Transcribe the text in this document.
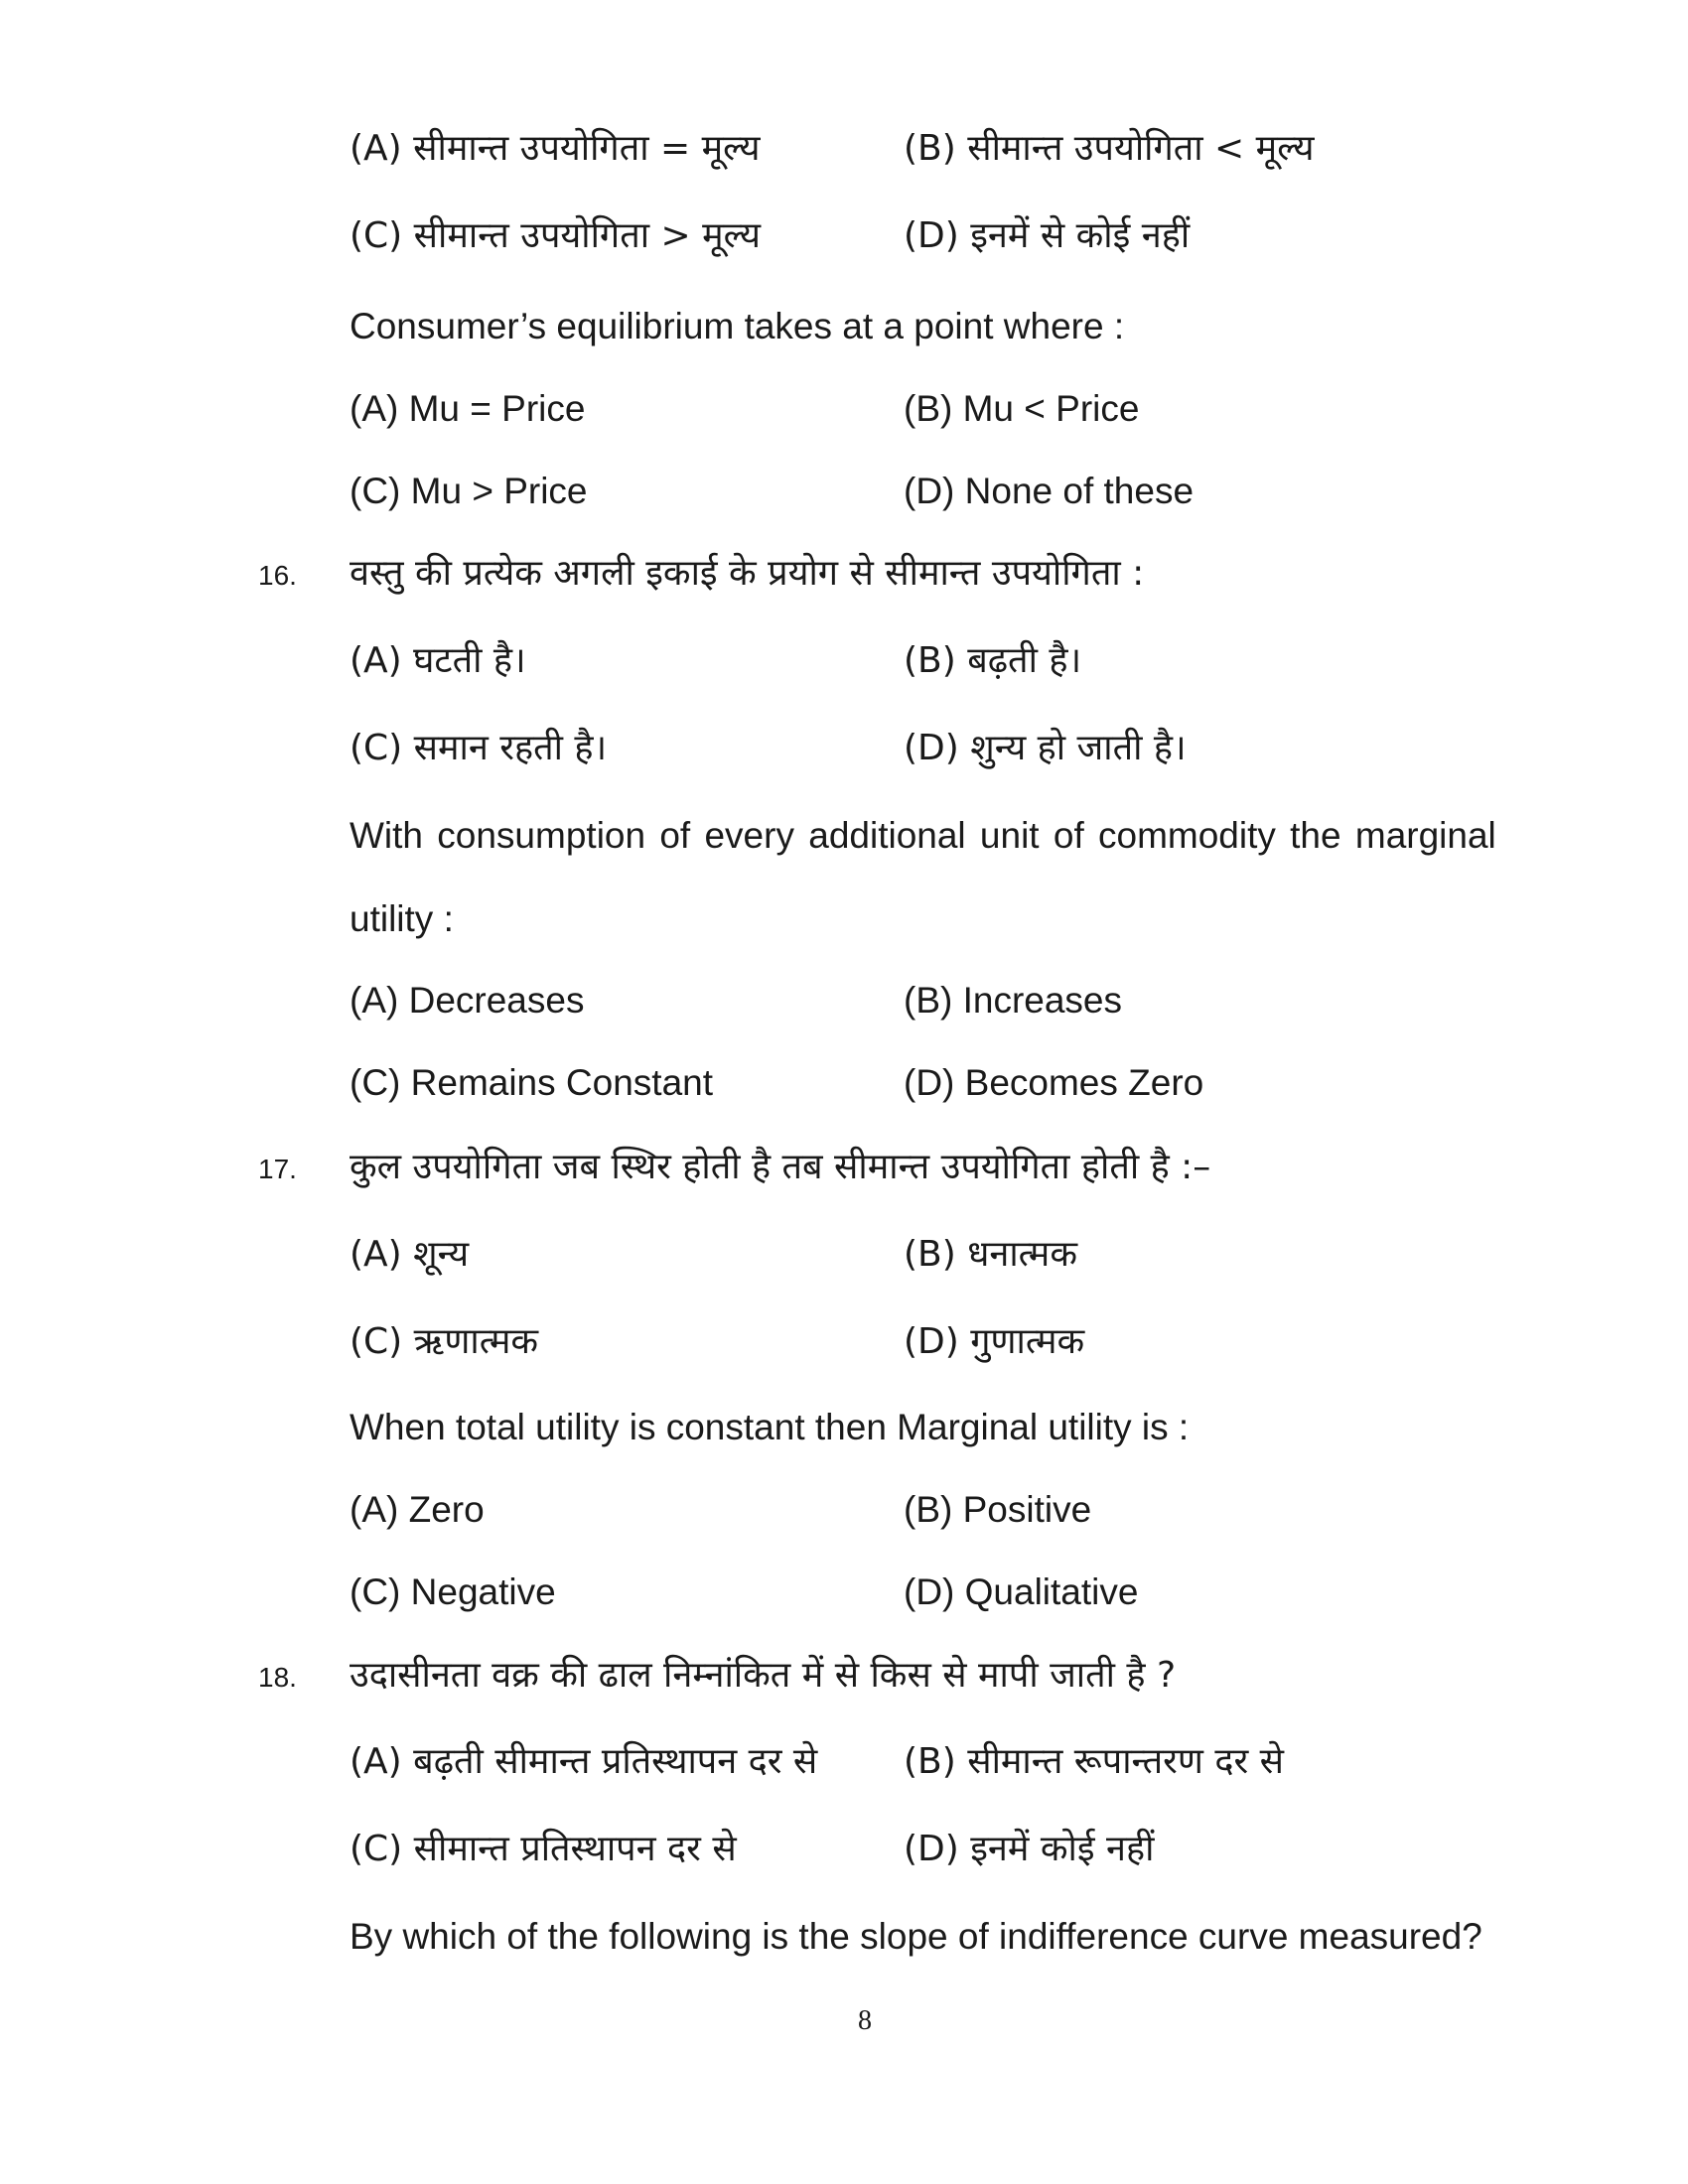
(A) सीमान्त उपयोगिता = मूल्य	(B) सीमान्त उपयोगिता < मूल्य
(C) सीमान्त उपयोगिता > मूल्य	(D) इनमें से कोई नहीं
Consumer’s equilibrium takes at a point where :
(A) Mu = Price	(B) Mu < Price
(C) Mu > Price	(D) None of these
16. वस्तु की प्रत्येक अगली इकाई के प्रयोग से सीमान्त उपयोगिता :
(A) घटती है।	(B) बढ़ती है।
(C) समान रहती है।	(D) शुन्य हो जाती है।
With consumption of every additional unit of commodity the marginal
utility :
(A) Decreases	(B) Increases
(C) Remains Constant	(D) Becomes Zero
17. कुल उपयोगिता जब स्थिर होती है तब सीमान्त उपयोगिता होती है :–
(A) शून्य	(B) धनात्मक
(C) ऋणात्मक	(D) गुणात्मक
When total utility is constant then Marginal utility is :
(A) Zero	(B) Positive
(C) Negative	(D) Qualitative
18. उदासीनता वक्र की ढाल निम्नांकित में से किस से मापी जाती है ?
(A) बढ़ती सीमान्त प्रतिस्थापन दर से (B) सीमान्त रूपान्तरण दर से
(C) सीमान्त प्रतिस्थापन दर से	(D) इनमें कोई नहीं
By which of the following is the slope of indifference curve measured?
8
